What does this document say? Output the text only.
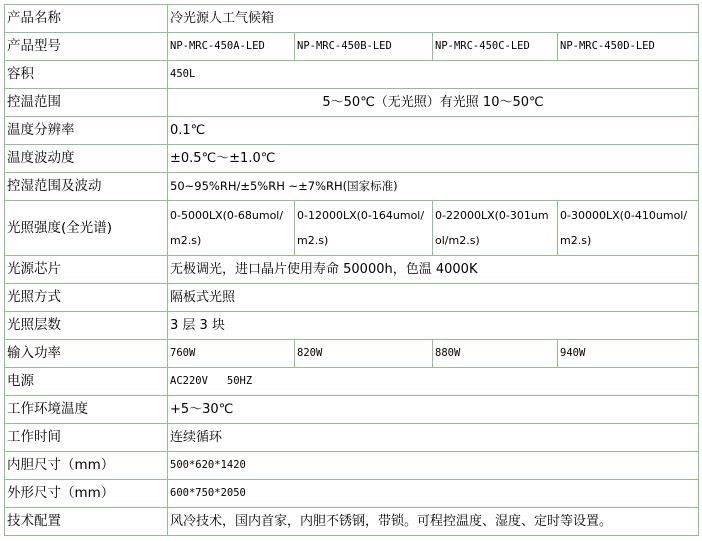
产品名称	冷光源人工气候箱			
产品型号	NP-MRC-450A-LED	NP-MRC-450B-LED	NP-MRC-450C-LED	NP-MRC-450D-LED
容积	450L			
控温范围	5～50℃（无光照）有光照 10～50℃			
温度分辨率	0.1℃			
温度波动度	±0.5℃～±1.0℃			
控湿范围及波动	50~95%RH/±5%RH ~±7%RH(国家标准)			
光照强度(全光谱)	0-5000LX(0-68umol/m2.s)	0-12000LX(0-164umol/m2.s)	0-22000LX(0-301umol/m2.s)	0-30000LX(0-410umol/m2.s)
光源芯片	无极调光，进口晶片使用寿命 50000h，色温 4000K			
光照方式	隔板式光照			
光照层数	3 层 3 块			
输入功率	760W	820W	880W	940W
电源	AC220V   50HZ			
工作环境温度	+5～30℃			
工作时间	连续循环			
内胆尺寸（mm）	500*620*1420			
外形尺寸（mm）	600*750*2050			
技术配置	风冷技术，国内首家，内胆不锈钢，带锁。可程控温度、湿度、定时等设置。			
